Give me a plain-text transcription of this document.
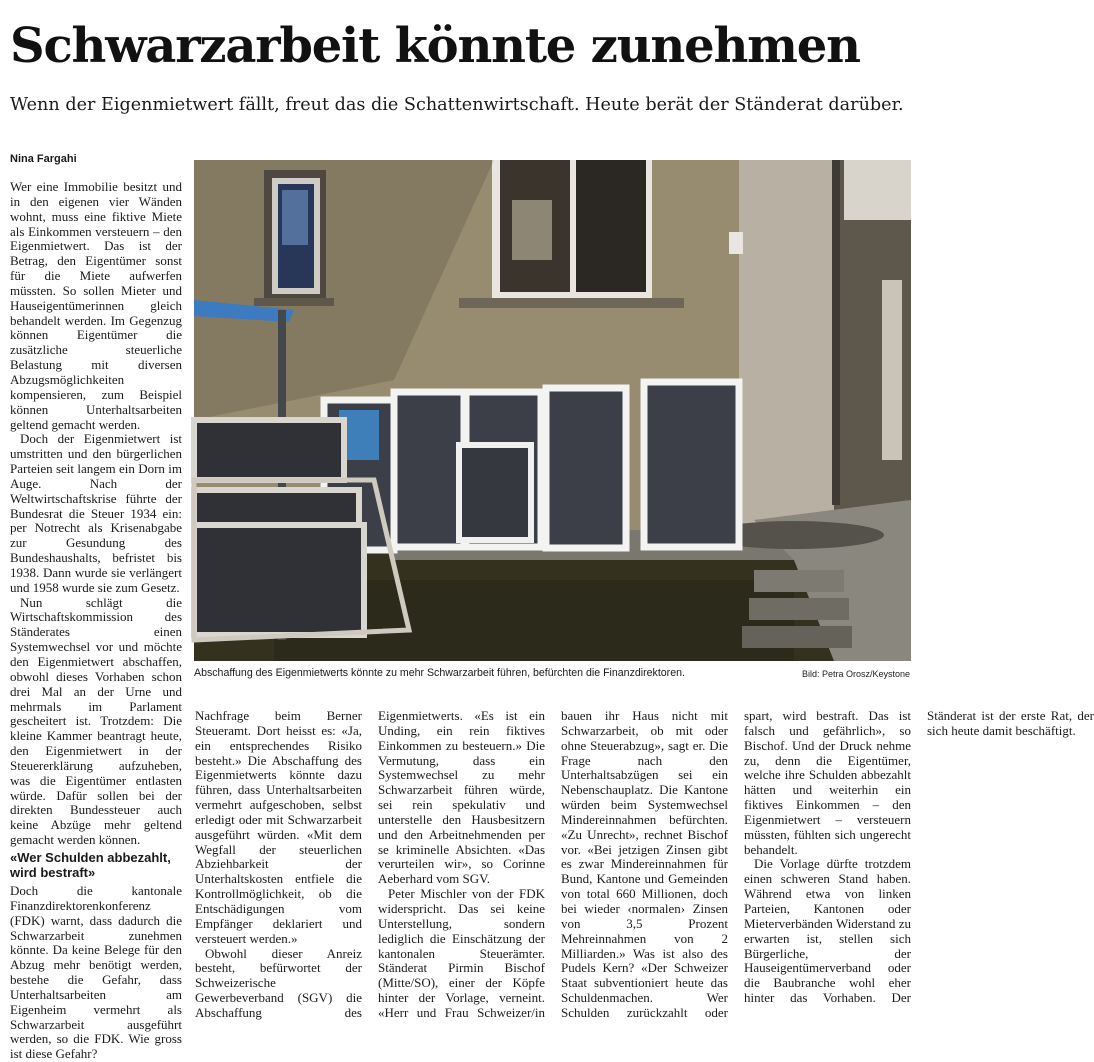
Schwarzarbeit könnte zunehmen
Wenn der Eigenmietwert fällt, freut das die Schattenwirtschaft. Heute berät der Ständerat darüber.
Nina Fargahi

Wer eine Immobilie besitzt und in den eigenen vier Wänden wohnt, muss eine fiktive Miete als Einkommen versteuern – den Eigenmietwert. Das ist der Betrag, den Eigentümer sonst für die Miete aufwerfen müssten. So sollen Mieter und Hauseigentümerinnen gleich behandelt werden. Im Gegenzug können Eigentümer die zusätzliche steuerliche Belastung mit diversen Abzugsmöglichkeiten kompensieren, zum Beispiel können Unterhaltsarbeiten geltend gemacht werden.

Doch der Eigenmietwert ist umstritten und den bürgerlichen Parteien seit langem ein Dorn im Auge. Nach der Weltwirtschaftskrise führte der Bundesrat die Steuer 1934 ein: per Notrecht als Krisenabgabe zur Gesundung des Bundeshaushalts, befristet bis 1938. Dann wurde sie verlängert und 1958 wurde sie zum Gesetz.

Nun schlägt die Wirtschaftskommission des Ständerates einen Systemwechsel vor und möchte den Eigenmietwert abschaffen, obwohl dieses Vorhaben schon drei Mal an der Urne und mehrmals im Parlament gescheitert ist. Trotzdem: Die kleine Kammer beantragt heute, den Eigenmietwert in der Steuererklärung aufzuheben, was die Eigentümer entlasten würde. Dafür sollen bei der direkten Bundessteuer auch keine Abzüge mehr geltend gemacht werden können.

«Wer Schulden abbezahlt, wird bestraft»

Doch die kantonale Finanzdirektorenkonferenz (FDK) warnt, dass dadurch die Schwarzarbeit zunehmen könnte. Da keine Belege für den Abzug mehr benötigt werden, bestehe die Gefahr, dass Unterhaltsarbeiten am Eigenheim vermehrt als Schwarzarbeit ausgeführt werden, so die FDK. Wie gross ist diese Gefahr?

Abschaffung des Eigenmietwerts könnte zu mehr Schwarzarbeit führen, befürchten die Finanzdirektoren.	Bild: Petra Orosz/Keystone

Nachfrage beim Berner Steueramt. Dort heisst es: «Ja, ein entsprechendes Risiko besteht.» Die Abschaffung des Eigenmietwerts könnte dazu führen, dass Unterhaltsarbeiten vermehrt aufgeschoben, selbst erledigt oder mit Schwarzarbeit ausgeführt würden. «Mit dem Wegfall der steuerlichen Abziehbarkeit der Unterhaltskosten entfiele die Kontrollmöglichkeit, ob die Entschädigungen vom Empfänger deklariert und versteuert werden.»

Obwohl dieser Anreiz besteht, befürwortet der Schweizerische Gewerbeverband (SGV) die Abschaffung des Eigenmietwerts. «Es ist ein Unding, ein rein fiktives Einkommen zu besteuern.» Die Vermutung, dass ein Systemwechsel zu mehr Schwarzarbeit führen würde, sei rein spekulativ und unterstelle den Hausbesitzern und den Arbeitnehmenden per se kriminelle Absichten. «Das verurteilen wir», so Corinne Aeberhard vom SGV.

Peter Mischler von der FDK widerspricht. Das sei keine Unterstellung, sondern lediglich die Einschätzung der kantonalen Steuerämter. Ständerat Pirmin Bischof (Mitte/SO), einer der Köpfe hinter der Vorlage, verneint. «Herr und Frau Schweizer/in bauen ihr Haus nicht mit Schwarzarbeit, ob mit oder ohne Steuerabzug», sagt er. Die Frage nach den Unterhaltsabzügen sei ein Nebenschauplatz. Die Kantone würden beim Systemwechsel Mindereinnahmen befürchten. «Zu Unrecht», rechnet Bischof vor. «Bei jetzigen Zinsen gibt es zwar Mindereinnahmen für Bund, Kantone und Gemeinden von total 660 Millionen, doch bei wieder ‹normalen› Zinsen von 3,5 Prozent Mehreinnahmen von 2 Milliarden.» Was ist also des Pudels Kern? «Der Schweizer Staat subventioniert heute das Schuldenmachen. Wer Schulden zurückzahlt oder spart, wird bestraft. Das ist falsch und gefährlich», so Bischof. Und der Druck nehme zu, denn die Eigentümer, welche ihre Schulden abbezahlt hätten und weiterhin ein fiktives Einkommen – den Eigenmietwert – versteuern müssten, fühlten sich ungerecht behandelt.

Die Vorlage dürfte trotzdem einen schweren Stand haben. Während etwa von linken Parteien, Kantonen oder Mieterverbänden Widerstand zu erwarten ist, stellen sich Bürgerliche, der Hauseigentümerverband oder die Baubranche wohl eher hinter das Vorhaben. Der Ständerat ist der erste Rat, der sich heute damit beschäftigt.
